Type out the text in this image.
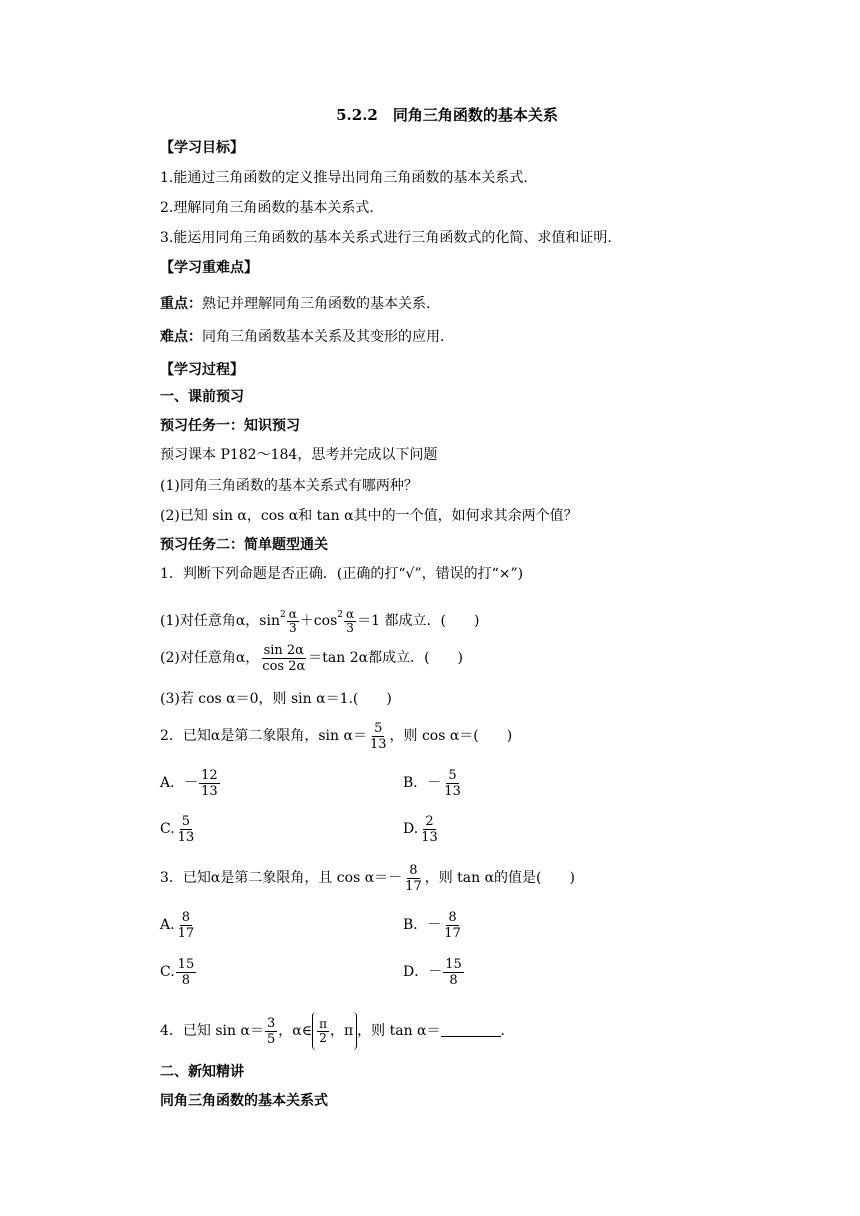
5.2.2　同角三角函数的基本关系
【学习目标】
1.能通过三角函数的定义推导出同角三角函数的基本关系式.
2.理解同角三角函数的基本关系式.
3.能运用同角三角函数的基本关系式进行三角函数式的化简、求值和证明.
【学习重难点】
重点：熟记并理解同角三角函数的基本关系.
难点：同角三角函数基本关系及其变形的应用.
【学习过程】
一、课前预习
预习任务一：知识预习
预习课本 P182～184，思考并完成以下问题
(1)同角三角函数的基本关系式有哪两种？
(2)已知 sin α，cos α和 tan α其中的一个值，如何求其余两个值？
预习任务二：简单题型通关
1．判断下列命题是否正确．(正确的打“√”，错误的打“×”)
(1)对任意角α，$\sin^2 \frac{\alpha}{3} +\cos^2 \frac{\alpha}{3} =1$ 都成立．(　　)
(2)对任意角α， $\frac{\sin 2\alpha}{\cos 2\alpha} =\tan$ 2α都成立．(　　)
(3)若 cos α＝0，则 sin α＝1.(　　)
2．已知α是第二象限角，$\sin \alpha= \frac{5}{13}$ ，则 cos α＝(　　)
A．－ $\frac{12}{13}$	B．－ $\frac{5}{13}$
C. $\frac{5}{13}$	D. $\frac{2}{13}$
3．已知α是第二象限角，且 $\cos \alpha=- \frac{8}{17}$ ，则 tan α的值是(　　)
A. $\frac{8}{17}$	B．－ $\frac{8}{17}$
C. $\frac{15}{8}$	D．－ $\frac{15}{8}$
4．已知 $\sin \alpha= \frac{3}{5}$ ，α∈ $\frac{\pi}{2}$ ，π ，则 tan α＝	.
二、新知精讲
同角三角函数的基本关系式
